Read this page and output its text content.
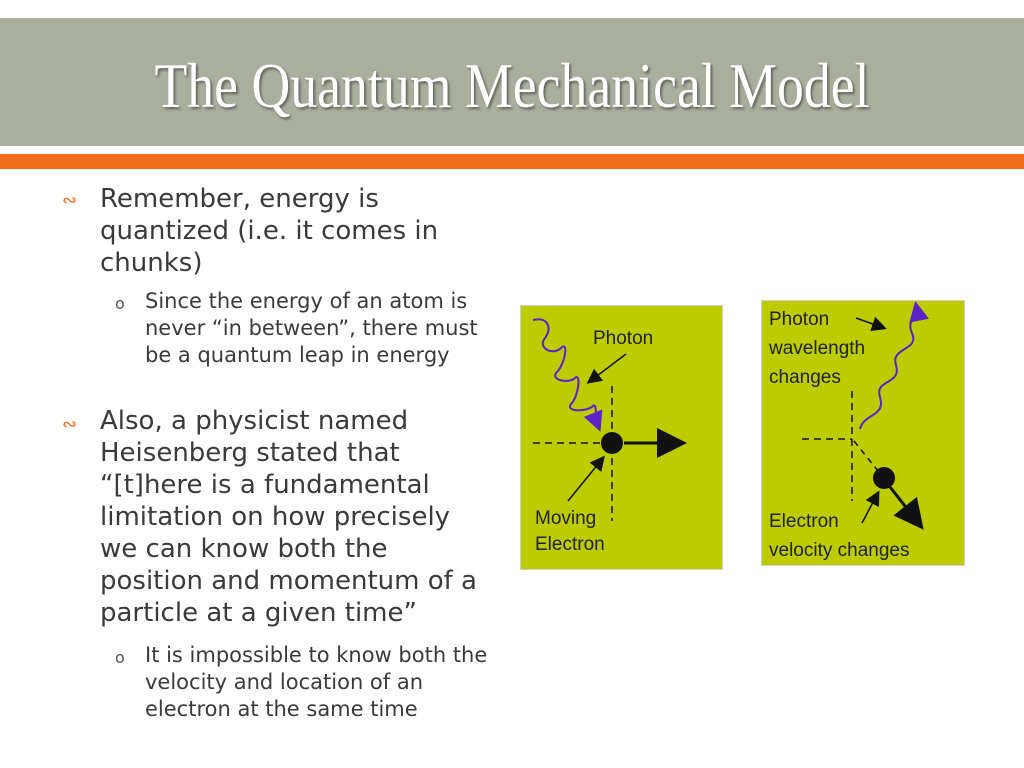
The Quantum Mechanical Model
∾ Remember, energy is quantized (i.e. it comes in chunks)
o Since the energy of an atom is never “in between”, there must be a quantum leap in energy
∾ Also, a physicist named Heisenberg stated that “[t]here is a fundamental limitation on how precisely we can know both the position and momentum of a particle at a given time”
o It is impossible to know both the velocity and location of an electron at the same time
Photon
Moving
Electron
Photon
wavelength
changes
Electron
velocity changes
